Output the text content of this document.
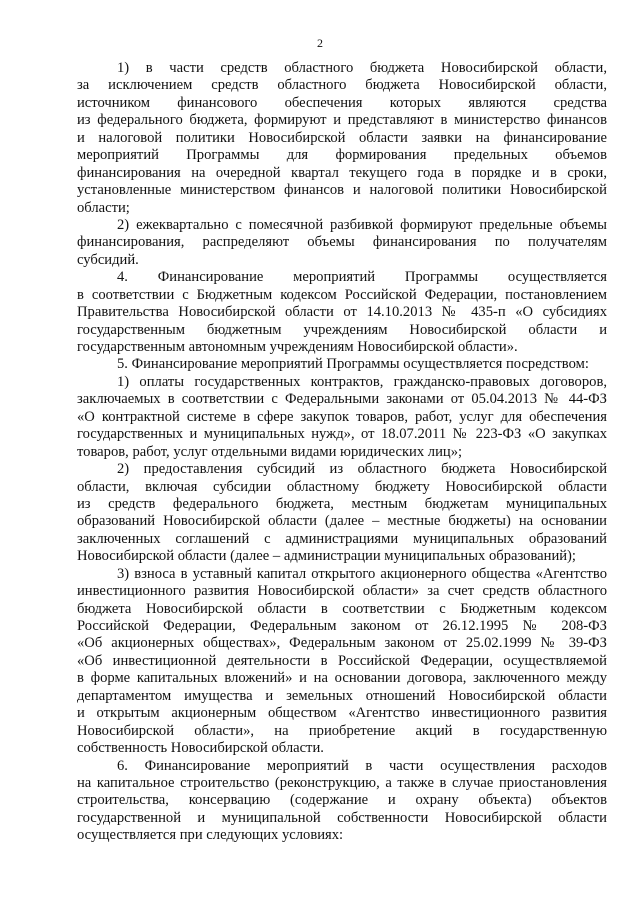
2
1) в части средств областного бюджета Новосибирской области,
за исключением средств областного бюджета Новосибирской области,
источником финансового обеспечения которых являются средства
из федерального бюджета, формируют и представляют в министерство финансов
и налоговой политики Новосибирской области заявки на финансирование
мероприятий Программы для формирования предельных объемов
финансирования на очередной квартал текущего года в порядке и в сроки,
установленные министерством финансов и налоговой политики Новосибирской
области;
2) ежеквартально с помесячной разбивкой формируют предельные объемы
финансирования, распределяют объемы финансирования по получателям
субсидий.
4. Финансирование мероприятий Программы осуществляется
в соответствии с Бюджетным кодексом Российской Федерации, постановлением
Правительства Новосибирской области от 14.10.2013 № 435-п «О субсидиях
государственным бюджетным учреждениям Новосибирской области и
государственным автономным учреждениям Новосибирской области».
5. Финансирование мероприятий Программы осуществляется посредством:
1) оплаты государственных контрактов, гражданско-правовых договоров,
заключаемых в соответствии с Федеральными законами от 05.04.2013 № 44-ФЗ
«О контрактной системе в сфере закупок товаров, работ, услуг для обеспечения
государственных и муниципальных нужд», от 18.07.2011 № 223-ФЗ «О закупках
товаров, работ, услуг отдельными видами юридических лиц»;
2) предоставления субсидий из областного бюджета Новосибирской
области, включая субсидии областному бюджету Новосибирской области
из средств федерального бюджета, местным бюджетам муниципальных
образований Новосибирской области (далее – местные бюджеты) на основании
заключенных соглашений с администрациями муниципальных образований
Новосибирской области (далее – администрации муниципальных образований);
3) взноса в уставный капитал открытого акционерного общества «Агентство
инвестиционного развития Новосибирской области» за счет средств областного
бюджета Новосибирской области в соответствии с Бюджетным кодексом
Российской Федерации, Федеральным законом от 26.12.1995 № 208-ФЗ
«Об акционерных обществах», Федеральным законом от 25.02.1999 № 39-ФЗ
«Об инвестиционной деятельности в Российской Федерации, осуществляемой
в форме капитальных вложений» и на основании договора, заключенного между
департаментом имущества и земельных отношений Новосибирской области
и открытым акционерным обществом «Агентство инвестиционного развития
Новосибирской области», на приобретение акций в государственную
собственность Новосибирской области.
6. Финансирование мероприятий в части осуществления расходов
на капитальное строительство (реконструкцию, а также в случае приостановления
строительства, консервацию (содержание и охрану объекта) объектов
государственной и муниципальной собственности Новосибирской области
осуществляется при следующих условиях:
